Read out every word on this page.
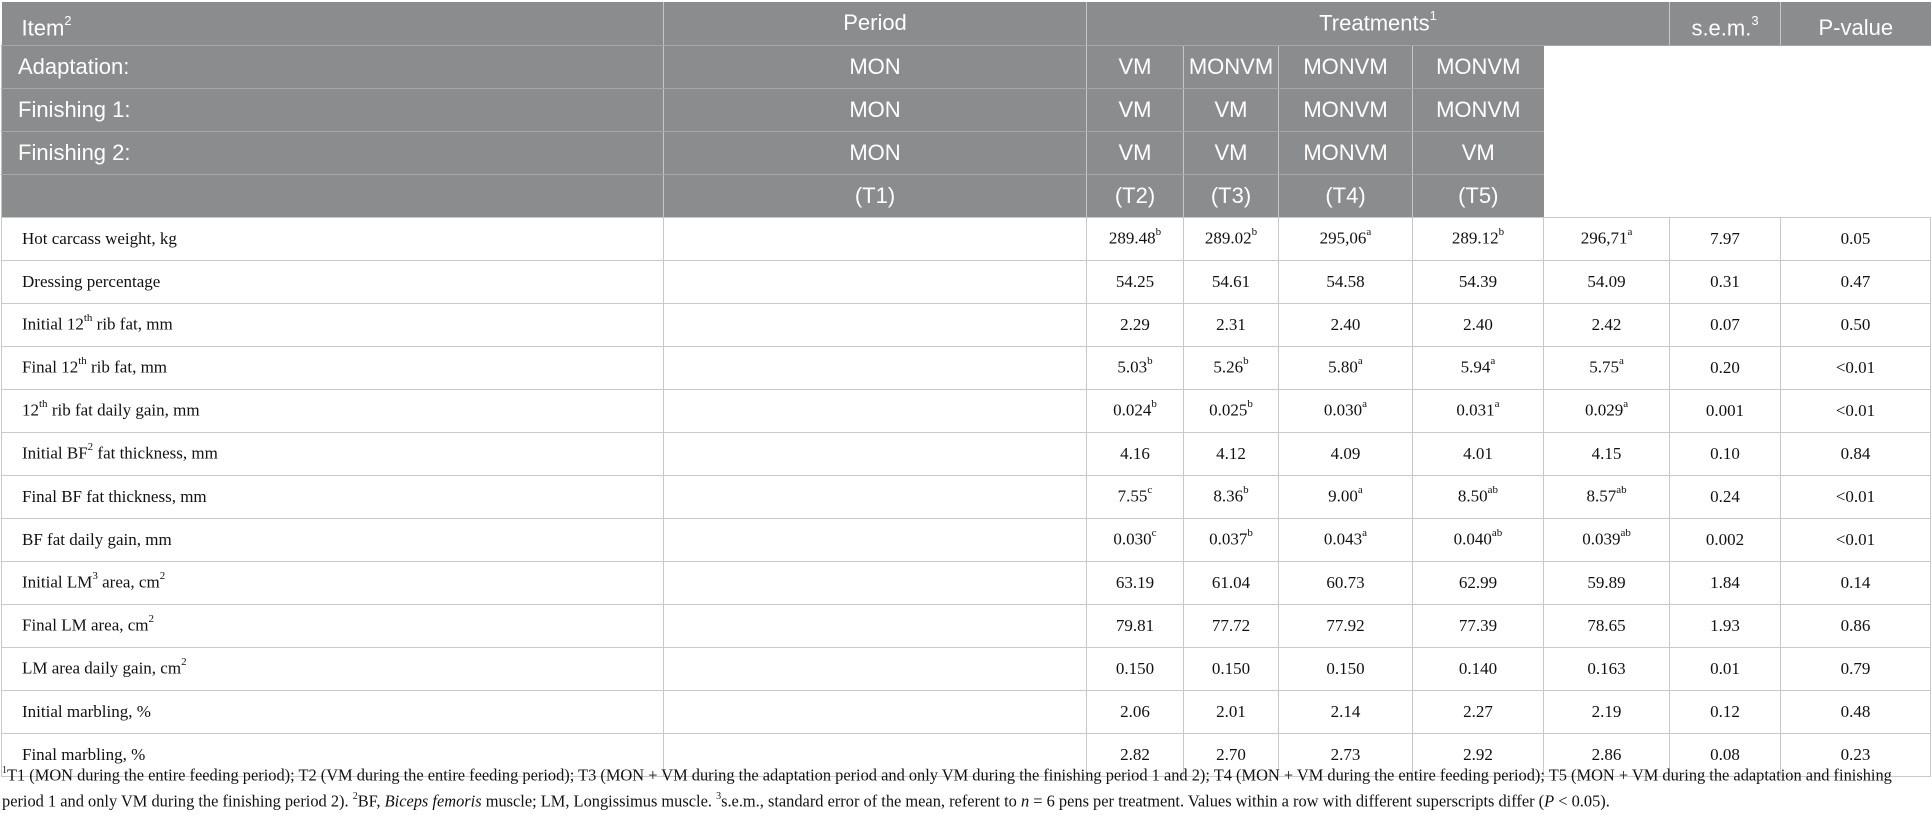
Item$^2$	Period	Treatments$^1$					s.e.m.$^3$	P-value
Adaptation:	MON	VM	MONVM	MONVM	MONVM			
Finishing 1:	MON	VM	VM	MONVM	MONVM			
Finishing 2:	MON	VM	VM	MONVM	VM			
	(T1)	(T2)	(T3)	(T4)	(T5)			
Hot carcass weight, kg		289.48$^b$	289.02$^b$	295,06$^a$	289.12$^b$	296,71$^a$	7.97	0.05
Dressing percentage		54.25	54.61	54.58	54.39	54.09	0.31	0.47
Initial 12th rib fat, mm		2.29	2.31	2.40	2.40	2.42	0.07	0.50
Final 12th rib fat, mm		5.03$^b$	5.26$^b$	5.80$^a$	5.94$^a$	5.75$^a$	0.20	<0.01
12th rib fat daily gain, mm		0.024$^b$	0.025$^b$	0.030$^a$	0.031$^a$	0.029$^a$	0.001	<0.01
Initial $BF^2$ fat thickness, mm		4.16	4.12	4.09	4.01	4.15	0.10	0.84
Final BF fat thickness, mm		7.55$^c$	8.36$^b$	9.00$^a$	8.50$^{ab}$	8.57$^{ab}$	0.24	<0.01
BF fat daily gain, mm		0.030$^c$	0.037$^b$	0.043$^a$	0.040$^{ab}$	0.039$^{ab}$	0.002	<0.01
Initial $LM^3$ area, $cm^2$		63.19	61.04	60.73	62.99	59.89	1.84	0.14
Final LM area, $cm^2$		79.81	77.72	77.92	77.39	78.65	1.93	0.86
LM area daily gain, $cm^2$		0.150	0.150	0.150	0.140	0.163	0.01	0.79
Initial marbling, %		2.06	2.01	2.14	2.27	2.19	0.12	0.48
Final marbling, %		2.82	2.70	2.73	2.92	2.86	0.08	0.23
$^1$T1 (MON during the entire feeding period); T2 (VM during the entire feeding period); T3 (MON + VM during the adaptation period and only VM during the finishing period 1 and 2); T4 (MON + VM during the entire feeding period); T5 (MON + VM during the adaptation and finishing period 1 and only VM during the finishing period 2). $^2$BF, Biceps femoris muscle; LM, Longissimus muscle. $^3$s.e.m., standard error of the mean, referent to n = 6 pens per treatment. Values within a row with different superscripts differ (P < 0.05).
